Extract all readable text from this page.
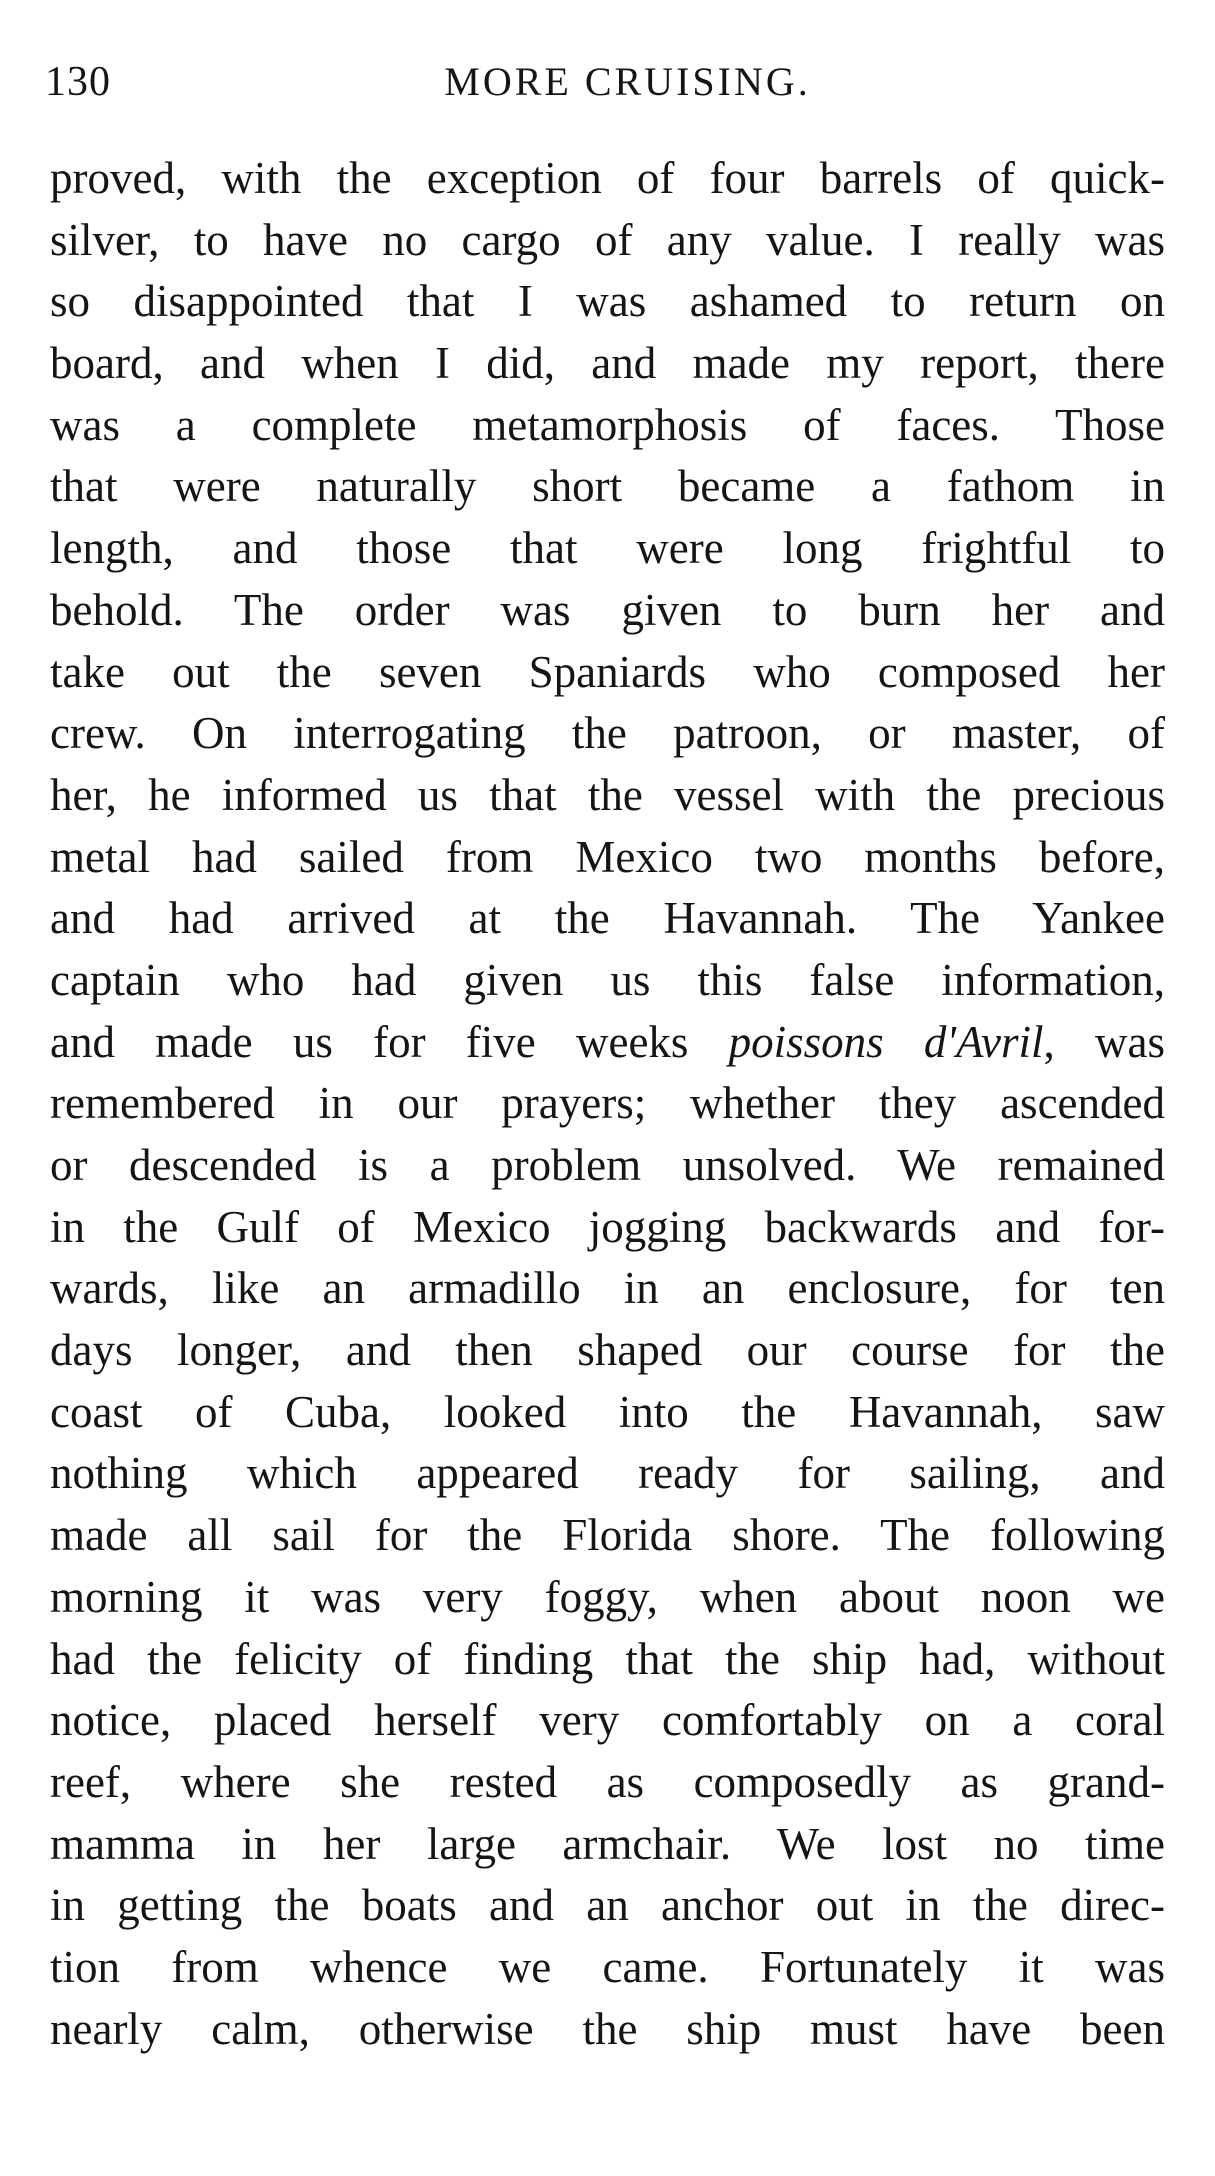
130	MORE CRUISING.
proved, with the exception of four barrels of quick-
silver, to have no cargo of any value. I really was
so disappointed that I was ashamed to return on
board, and when I did, and made my report, there
was a complete metamorphosis of faces. Those
that were naturally short became a fathom in
length, and those that were long frightful to
behold. The order was given to burn her and
take out the seven Spaniards who composed her
crew. On interrogating the patroon, or master, of
her, he informed us that the vessel with the precious
metal had sailed from Mexico two months before,
and had arrived at the Havannah. The Yankee
captain who had given us this false information,
and made us for five weeks poissons d'Avril, was
remembered in our prayers; whether they ascended
or descended is a problem unsolved. We remained
in the Gulf of Mexico jogging backwards and for-
wards, like an armadillo in an enclosure, for ten
days longer, and then shaped our course for the
coast of Cuba, looked into the Havannah, saw
nothing which appeared ready for sailing, and
made all sail for the Florida shore. The following
morning it was very foggy, when about noon we
had the felicity of finding that the ship had, without
notice, placed herself very comfortably on a coral
reef, where she rested as composedly as grand-
mamma in her large armchair. We lost no time
in getting the boats and an anchor out in the direc-
tion from whence we came. Fortunately it was
nearly calm, otherwise the ship must have been
